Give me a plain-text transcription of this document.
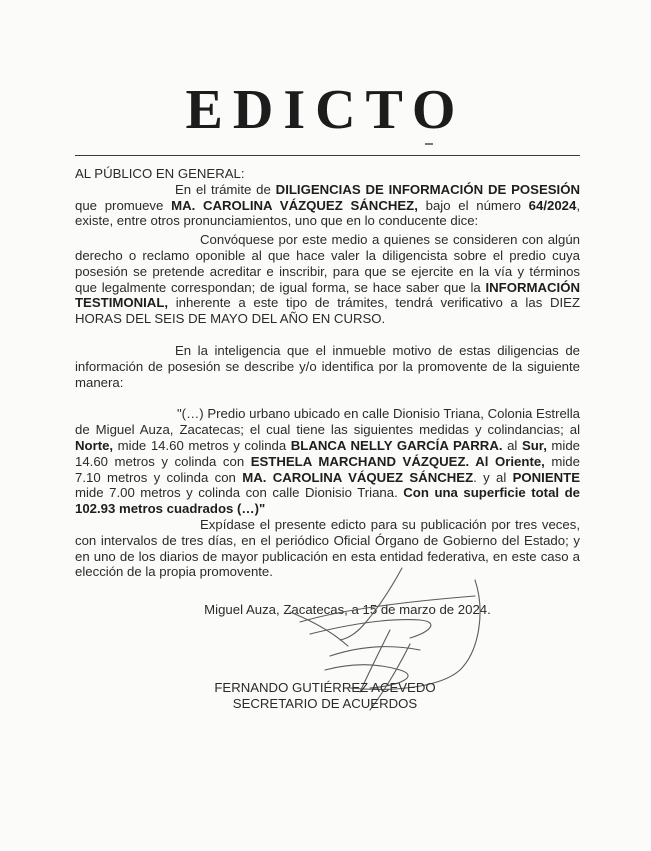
EDICTO

AL PÚBLICO EN GENERAL:

En el trámite de DILIGENCIAS DE INFORMACIÓN DE POSESIÓN que promueve MA. CAROLINA VÁZQUEZ SÁNCHEZ, bajo el número 64/2024, existe, entre otros pronunciamientos, uno que en lo conducente dice:

Convóquese por este medio a quienes se consideren con algún derecho o reclamo oponible al que hace valer la diligencista sobre el predio cuya posesión se pretende acreditar e inscribir, para que se ejercite en la vía y términos que legalmente correspondan; de igual forma, se hace saber que la INFORMACIÓN TESTIMONIAL, inherente a este tipo de trámites, tendrá verificativo a las DIEZ HORAS DEL SEIS DE MAYO DEL AÑO EN CURSO.

En la inteligencia que el inmueble motivo de estas diligencias de información de posesión se describe y/o identifica por la promovente de la siguiente manera:

"(…) Predio urbano ubicado en calle Dionisio Triana, Colonia Estrella de Miguel Auza, Zacatecas; el cual tiene las siguientes medidas y colindancias; al Norte, mide 14.60 metros y colinda BLANCA NELLY GARCÍA PARRA. al Sur, mide 14.60 metros y colinda con ESTHELA MARCHAND VÁZQUEZ. Al Oriente, mide 7.10 metros y colinda con MA. CAROLINA VÁQUEZ SÁNCHEZ. y al PONIENTE mide 7.00 metros y colinda con calle Dionisio Triana. Con una superficie total de 102.93 metros cuadrados (…)"

Expídase el presente edicto para su publicación por tres veces, con intervalos de tres días, en el periódico Oficial Órgano de Gobierno del Estado; y en uno de los diarios de mayor publicación en esta entidad federativa, en este caso a elección de la propia promovente.

Miguel Auza, Zacatecas, a 15 de marzo de 2024.

FERNANDO GUTIÉRREZ ACEVEDO
SECRETARIO DE ACUERDOS
